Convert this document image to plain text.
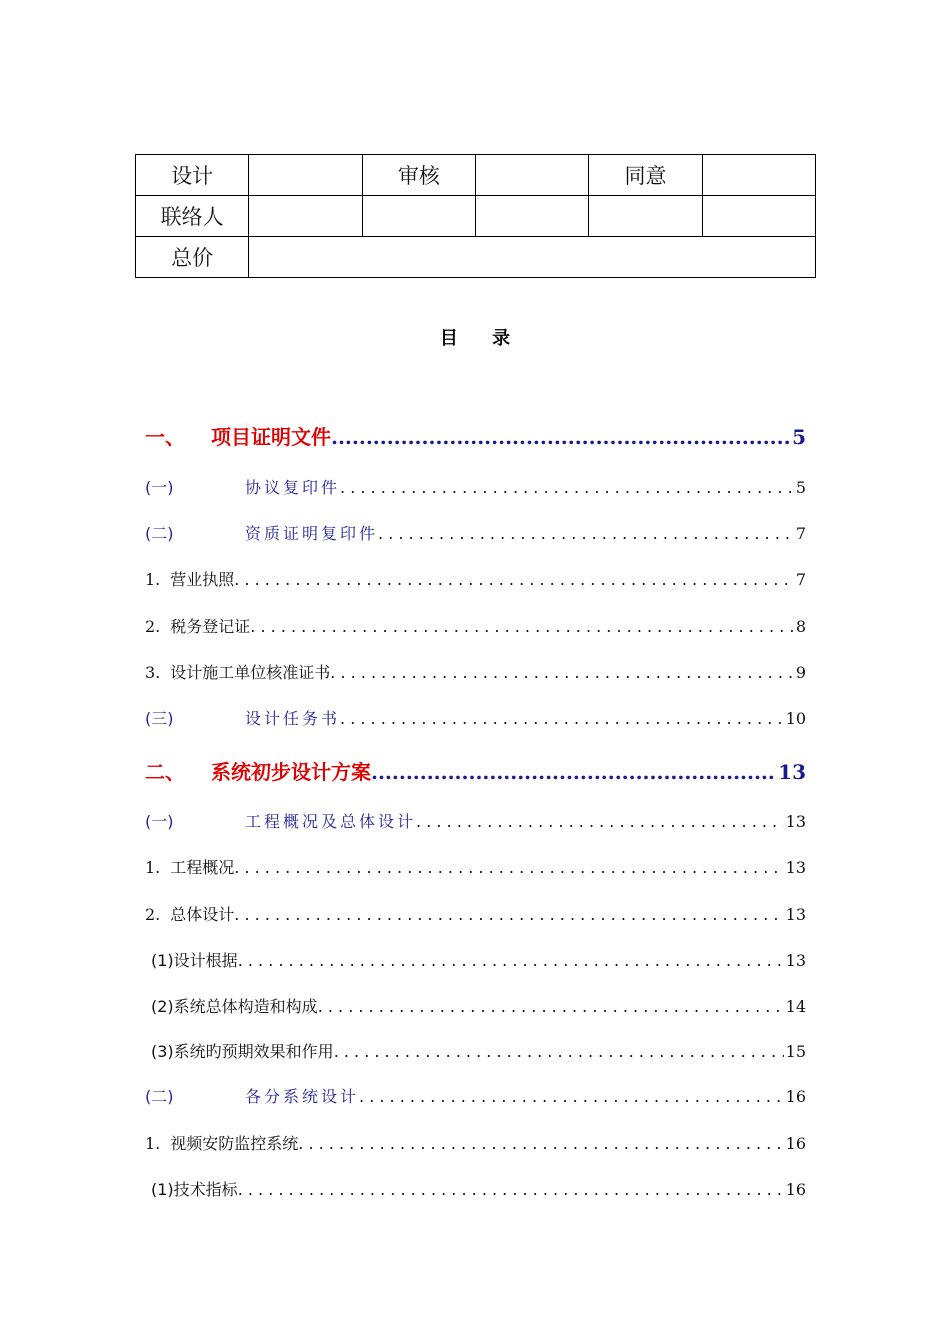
设计		审核		同意	
联络人					
总价					
目 录
一、	项目证明文件 .....	5
(一)	协议复印件 . . .	5
(二)	资质证明复印件 . . .	7
1. 营业执照 . . .	7
2. 税务登记证 . . .	8
3. 设计施工单位核准证书 . . .	9
(三)	设计任务书 . . .	10
二、	系统初步设计方案 .....	13
(一)	工程概况及总体设计 . . .	13
1. 工程概况 . . .	13
2. 总体设计 . . .	13
(1) 设计根据 . . .	13
(2) 系统总体构造和构成 . . .	14
(3) 系统旳预期效果和作用 . . .	15
(二)	各分系统设计 . . .	16
1. 视频安防监控系统 . . .	16
(1) 技术指标 . . .	16
